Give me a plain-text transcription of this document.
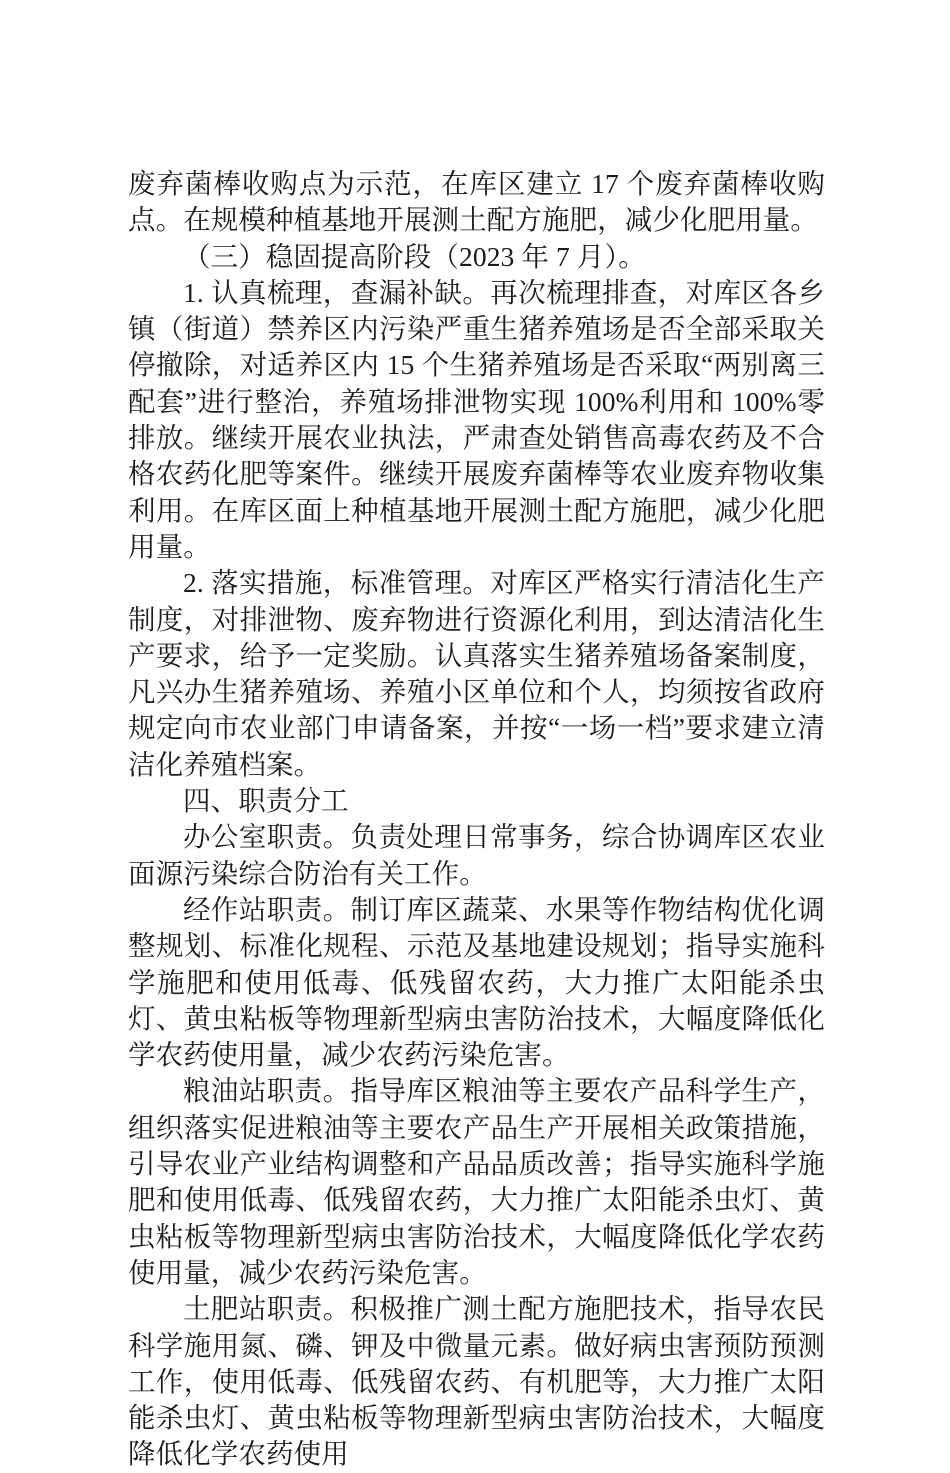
废弃菌棒收购点为示范，在库区建立 17 个废弃菌棒收购点。在规模种植基地开展测土配方施肥，减少化肥用量。

（三）稳固提高阶段（2023 年 7 月）。

1. 认真梳理，查漏补缺。再次梳理排查，对库区各乡镇（街道）禁养区内污染严重生猪养殖场是否全部采取关停撤除，对适养区内 15 个生猪养殖场是否采取“两别离三配套”进行整治，养殖场排泄物实现 100%利用和 100%零排放。继续开展农业执法，严肃查处销售高毒农药及不合格农药化肥等案件。继续开展废弃菌棒等农业废弃物收集利用。在库区面上种植基地开展测土配方施肥，减少化肥用量。

2. 落实措施，标准管理。对库区严格实行清洁化生产制度，对排泄物、废弃物进行资源化利用，到达清洁化生产要求，给予一定奖励。认真落实生猪养殖场备案制度，凡兴办生猪养殖场、养殖小区单位和个人，均须按省政府规定向市农业部门申请备案，并按“一场一档”要求建立清洁化养殖档案。

四、职责分工

办公室职责。负责处理日常事务，综合协调库区农业面源污染综合防治有关工作。

经作站职责。制订库区蔬菜、水果等作物结构优化调整规划、标准化规程、示范及基地建设规划；指导实施科学施肥和使用低毒、低残留农药，大力推广太阳能杀虫灯、黄虫粘板等物理新型病虫害防治技术，大幅度降低化学农药使用量，减少农药污染危害。

粮油站职责。指导库区粮油等主要农产品科学生产，组织落实促进粮油等主要农产品生产开展相关政策措施，引导农业产业结构调整和产品品质改善；指导实施科学施肥和使用低毒、低残留农药，大力推广太阳能杀虫灯、黄虫粘板等物理新型病虫害防治技术，大幅度降低化学农药使用量，减少农药污染危害。

土肥站职责。积极推广测土配方施肥技术，指导农民科学施用氮、磷、钾及中微量元素。做好病虫害预防预测工作，使用低毒、低残留农药、有机肥等，大力推广太阳能杀虫灯、黄虫粘板等物理新型病虫害防治技术，大幅度降低化学农药使用
